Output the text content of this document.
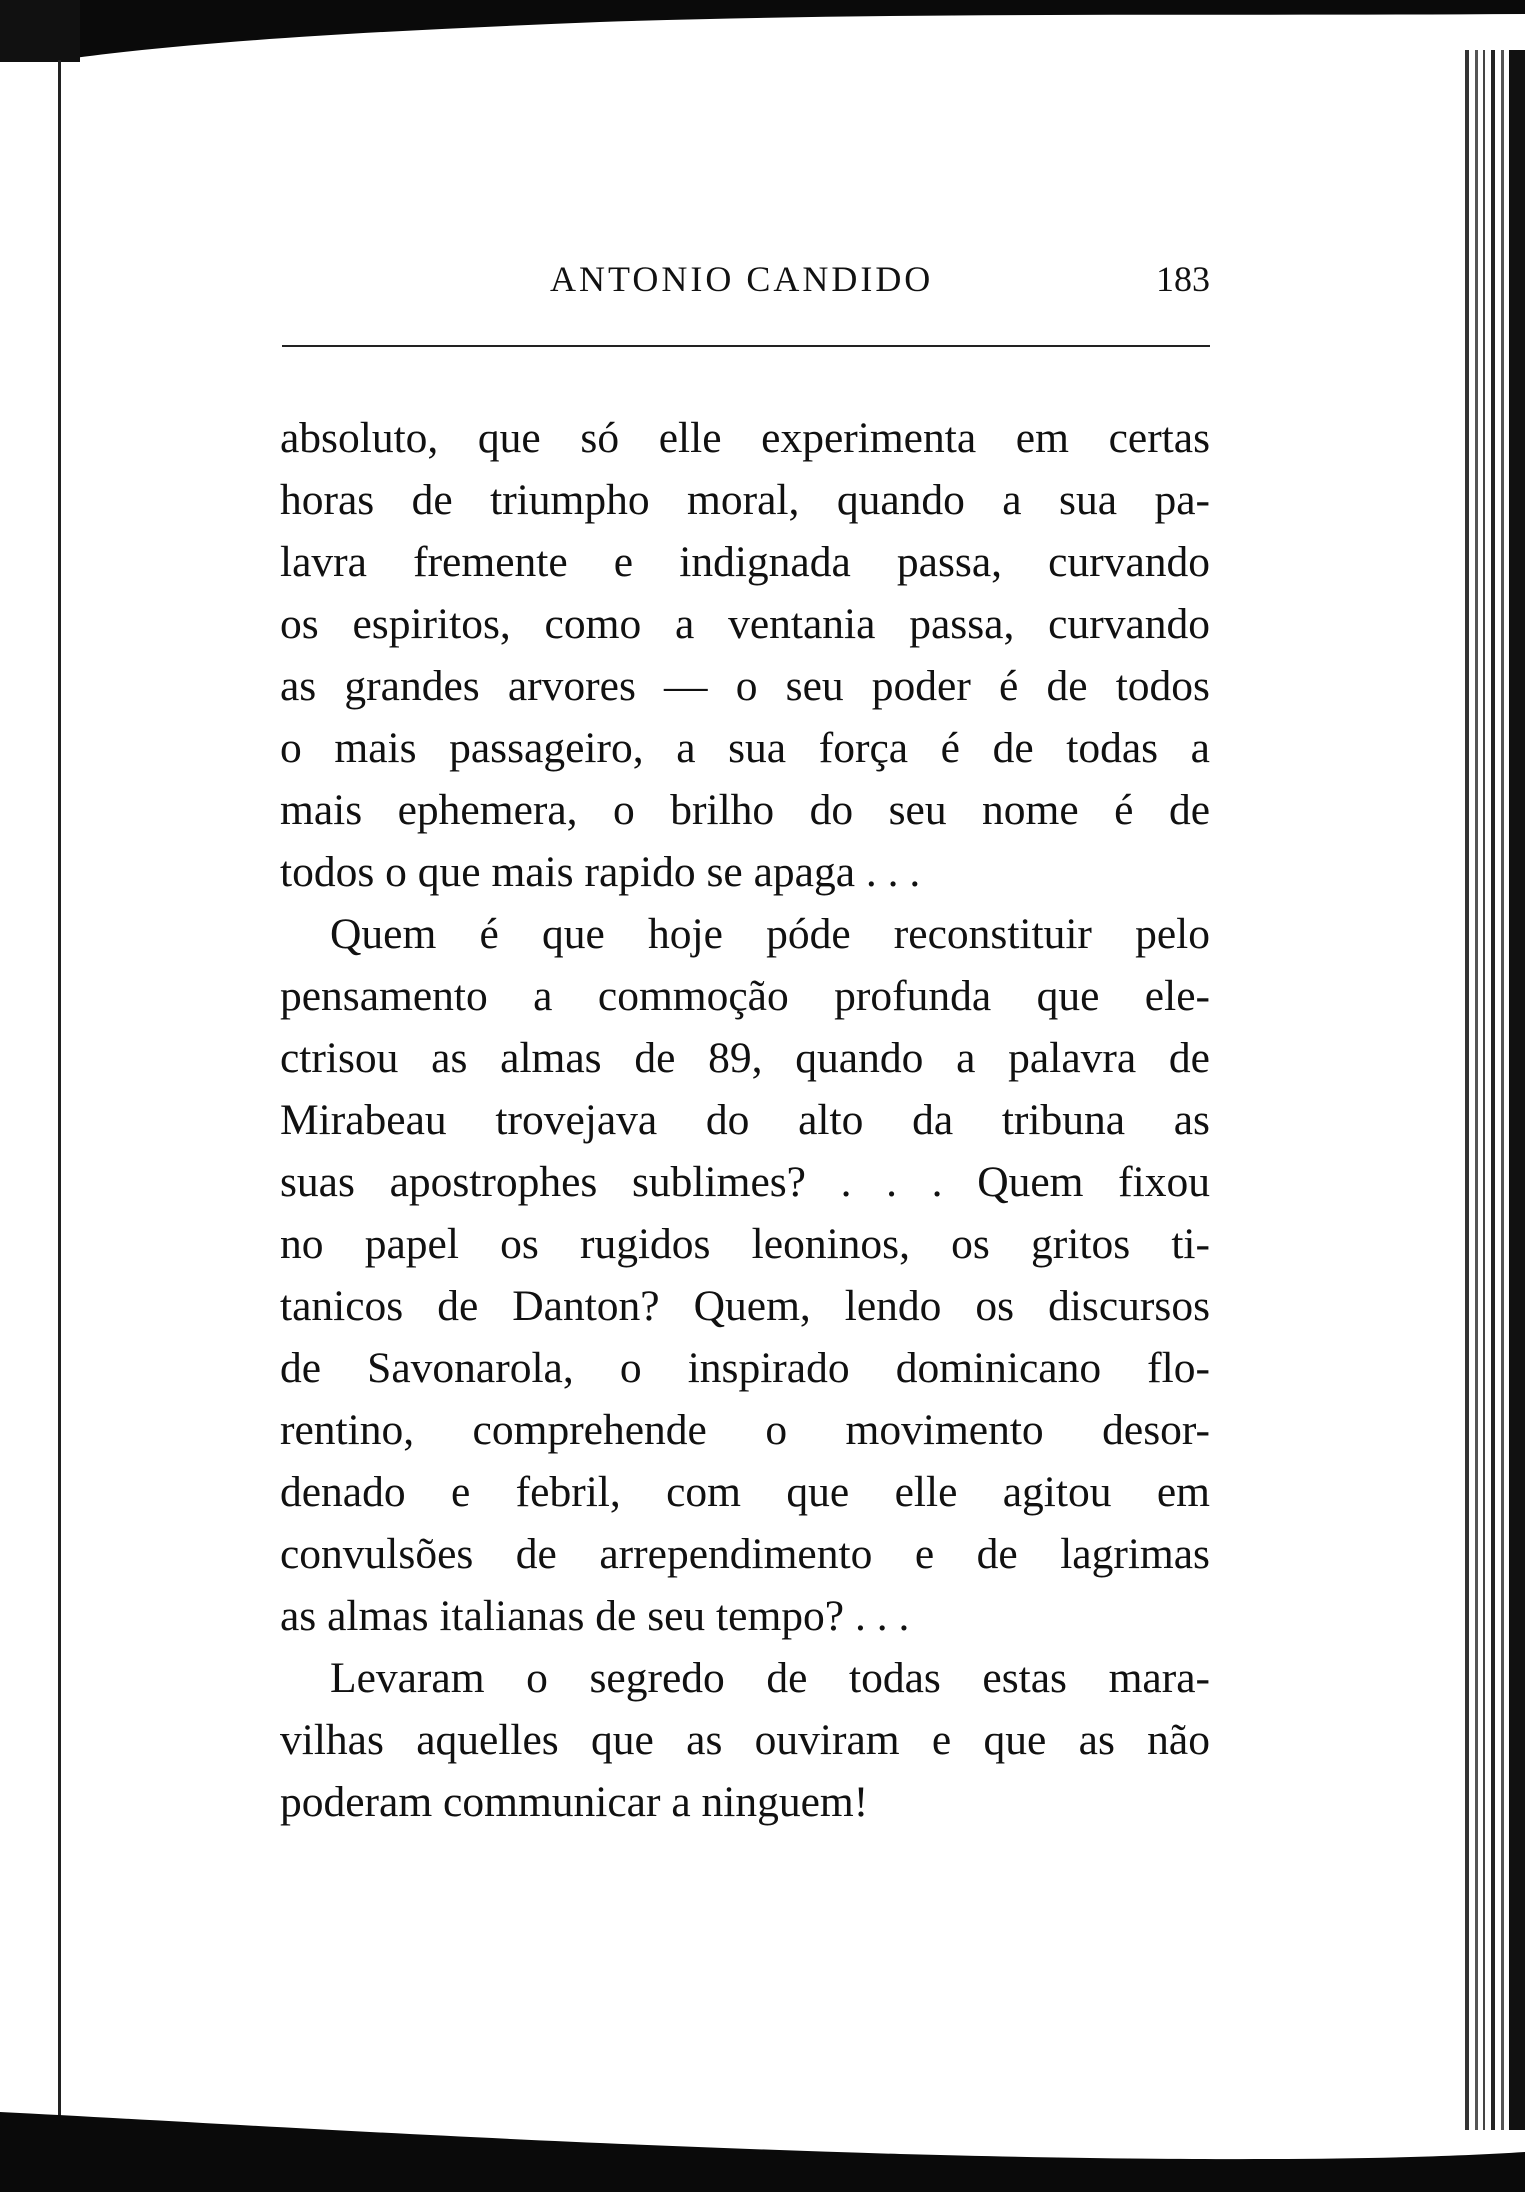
ANTONIO CANDIDO	183
absoluto, que só elle experimenta em certas
horas de triumpho moral, quando a sua pa-
lavra fremente e indignada passa, curvando
os espiritos, como a ventania passa, curvando
as grandes arvores — o seu poder é de todos
o mais passageiro, a sua força é de todas a
mais ephemera, o brilho do seu nome é de
todos o que mais rapido se apaga . . .
Quem é que hoje póde reconstituir pelo
pensamento a commoção profunda que ele-
ctrisou as almas de 89, quando a palavra de
Mirabeau trovejava do alto da tribuna as
suas apostrophes sublimes? . . . Quem fixou
no papel os rugidos leoninos, os gritos ti-
tanicos de Danton? Quem, lendo os discursos
de Savonarola, o inspirado dominicano flo-
rentino, comprehende o movimento desor-
denado e febril, com que elle agitou em
convulsões de arrependimento e de lagrimas
as almas italianas de seu tempo? . . .
Levaram o segredo de todas estas mara-
vilhas aquelles que as ouviram e que as não
poderam communicar a ninguem!
